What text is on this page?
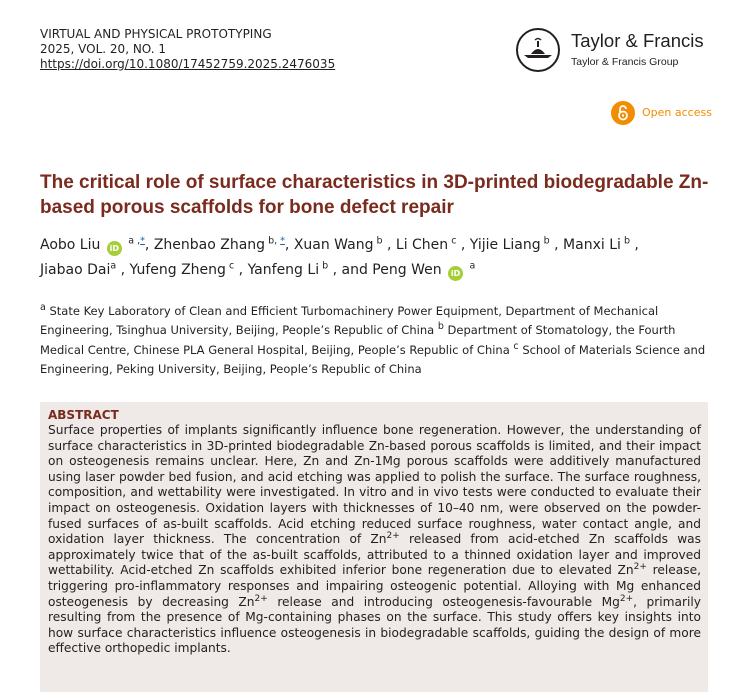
VIRTUAL AND PHYSICAL PROTOTYPING
2025, VOL. 20, NO. 1
https://doi.org/10.1080/17452759.2025.2476035
Taylor & Francis
Taylor & Francis Group
Open access
The critical role of surface characteristics in 3D-printed biodegradable Zn-based porous scaffolds for bone defect repair
Aobo Liu iD $^{a ,*}$, Zhenbao Zhang $^{b, *}$, Xuan Wang $^b$ , Li Chen $^c$ , Yijie Liang $^b$ , Manxi Li $^b$ ,
Jiabao Dai$^a$ , Yufeng Zheng $^c$ , Yanfeng Li $^b$ , and Peng Wen iD $^a$
$^a$ State Key Laboratory of Clean and Efficient Turbomachinery Power Equipment, Department of Mechanical Engineering, Tsinghua University, Beijing, People’s Republic of China $^b$ Department of Stomatology, the Fourth Medical Centre, Chinese PLA General Hospital, Beijing, People’s Republic of China $^c$ School of Materials Science and Engineering, Peking University, Beijing, People’s Republic of China
ABSTRACT
Surface properties of implants significantly influence bone regeneration. However, the understanding of surface characteristics in 3D-printed biodegradable Zn-based porous scaffolds is limited, and their impact on osteogenesis remains unclear. Here, Zn and Zn-1Mg porous scaffolds were additively manufactured using laser powder bed fusion, and acid etching was applied to polish the surface. The surface roughness, composition, and wettability were investigated. In vitro and in vivo tests were conducted to evaluate their impact on osteogenesis. Oxidation layers with thicknesses of 10–40 nm, were observed on the powder-fused surfaces of as-built scaffolds. Acid etching reduced surface roughness, water contact angle, and oxidation layer thickness. The concentration of $Zn^{2+}$ released from acid-etched Zn scaffolds was approximately twice that of the as-built scaffolds, attributed to a thinned oxidation layer and improved wettability. Acid-etched Zn scaffolds exhibited inferior bone regeneration due to elevated $Zn^{2+}$ release, triggering pro-inflammatory responses and impairing osteogenic potential. Alloying with Mg enhanced osteogenesis by decreasing $Zn^{2+}$ release and introducing osteogenesis-favourable $Mg^{2+}$, primarily resulting from the presence of Mg-containing phases on the surface. This study offers key insights into how surface characteristics influence osteogenesis in biodegradable scaffolds, guiding the design of more effective orthopedic implants.
